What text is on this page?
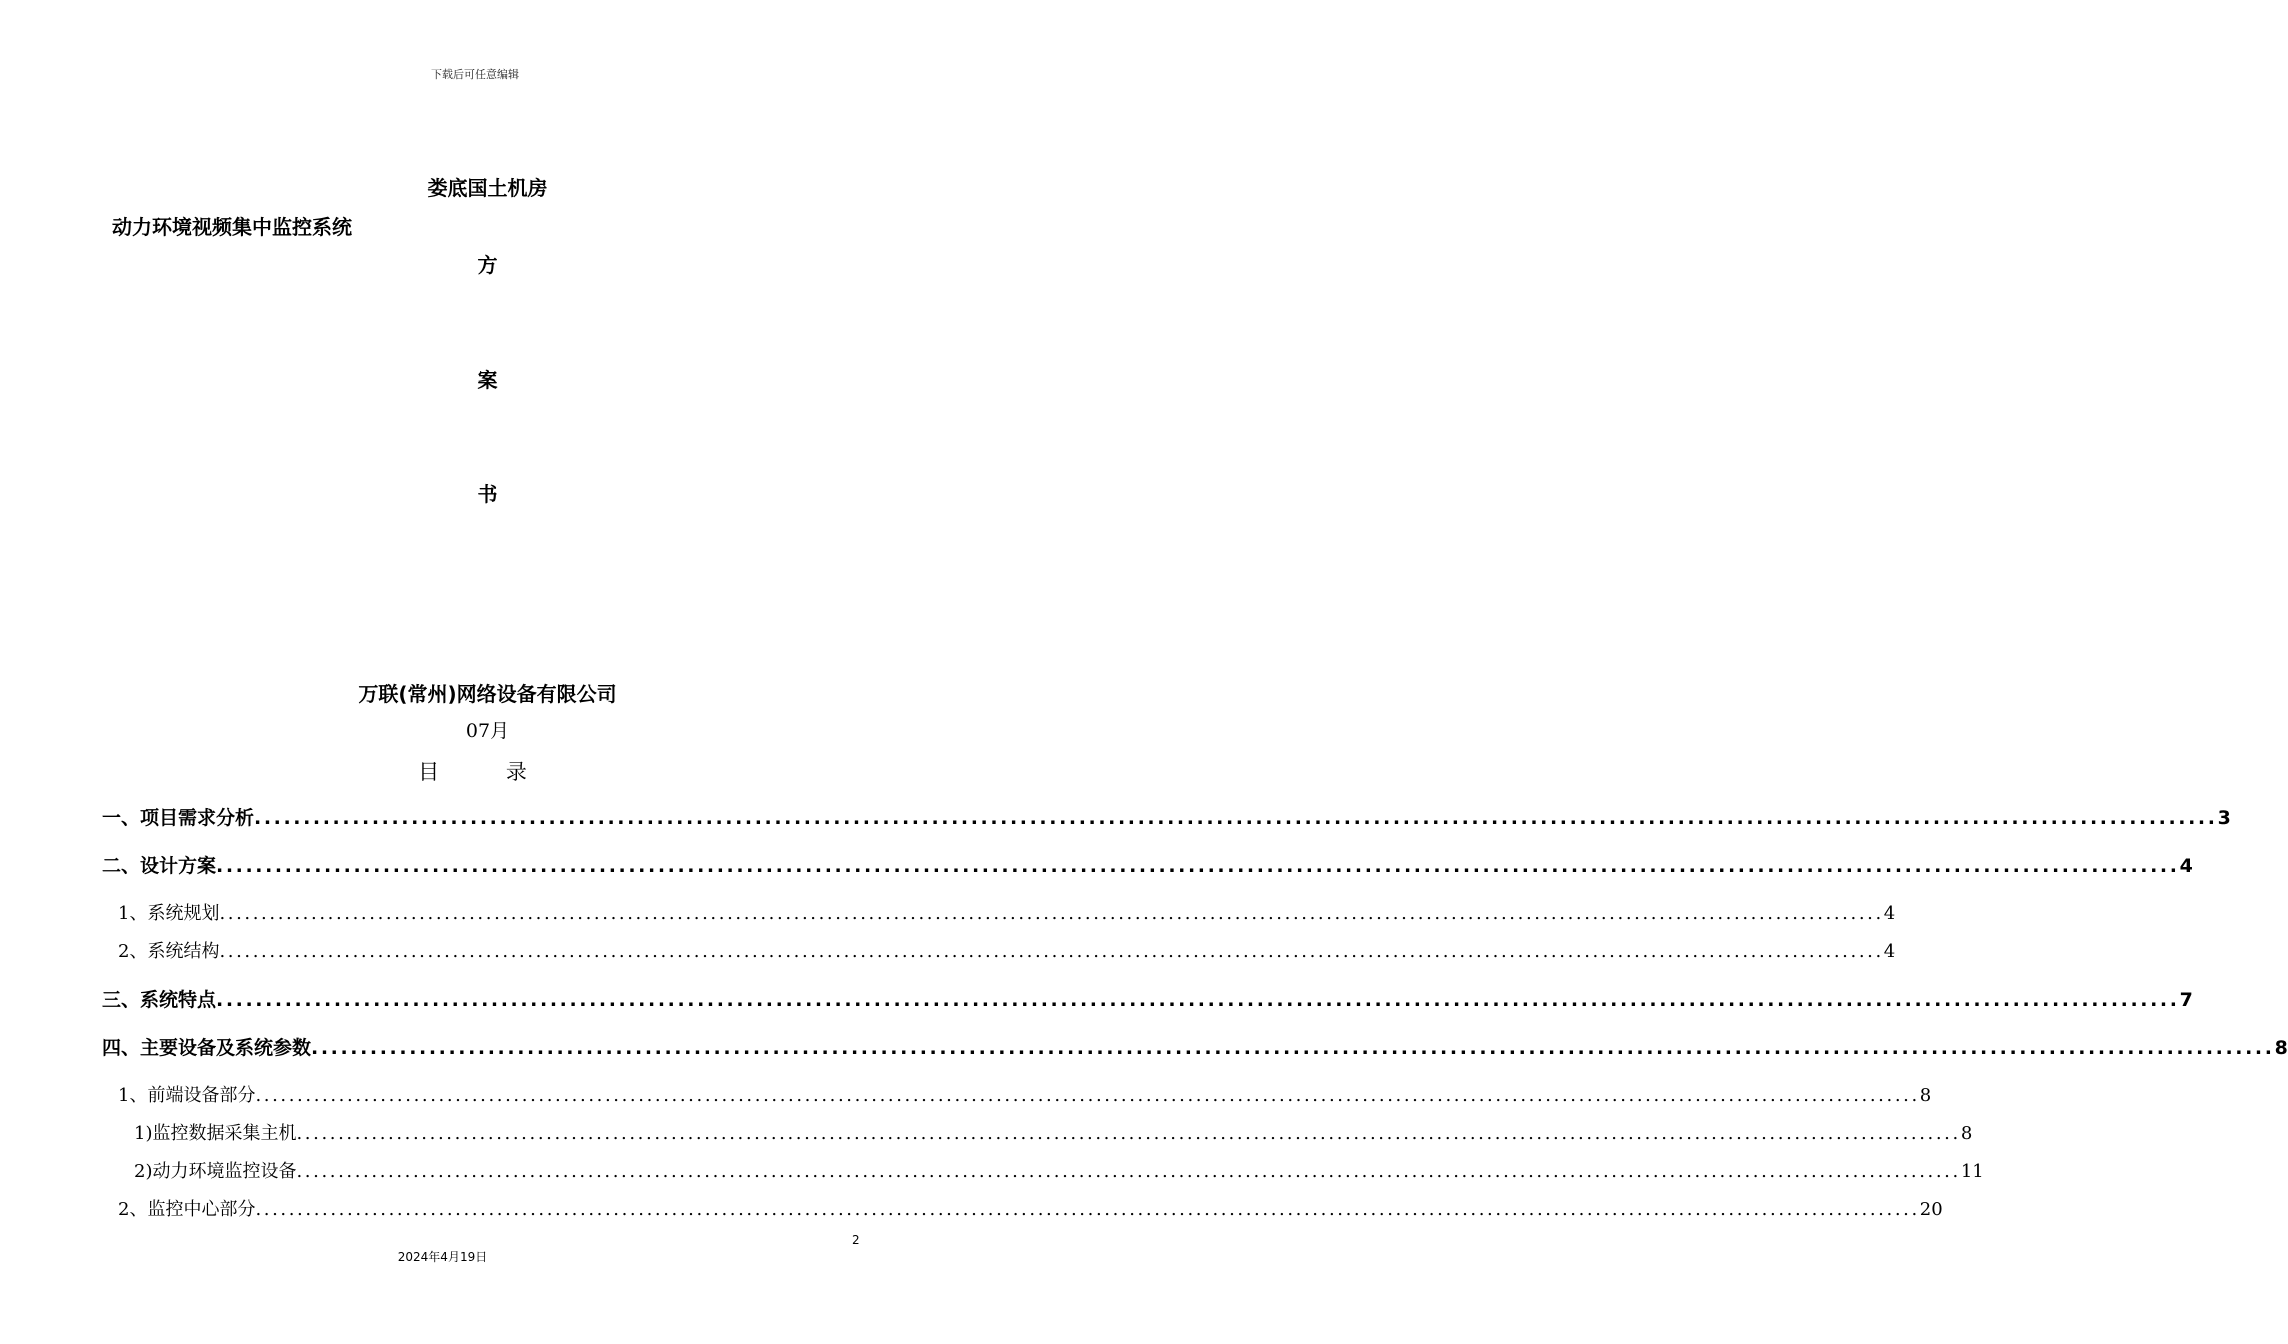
下载后可任意编辑
娄底国土机房
动力环境视频集中监控系统
方
案
书
万联(常州)网络设备有限公司
07月
目 录
一、项目需求分析 ........................................................................................................................................................................................................ 3
二、设计方案 ........................................................................................................................................................................................................ 4
1、系统规划 ........................................................................................................................................................................................................ 4
2、系统结构 ........................................................................................................................................................................................................ 4
三、系统特点 ........................................................................................................................................................................................................ 7
四、主要设备及系统参数 ........................................................................................................................................................................................................ 8
1、前端设备部分 ........................................................................................................................................................................................................ 8
1)监控数据采集主机 ........................................................................................................................................................................................................ 8
2)动力环境监控设备 ........................................................................................................................................................................................................ 11
2、监控中心部分 ........................................................................................................................................................................................................ 20
2
2024年4月19日
